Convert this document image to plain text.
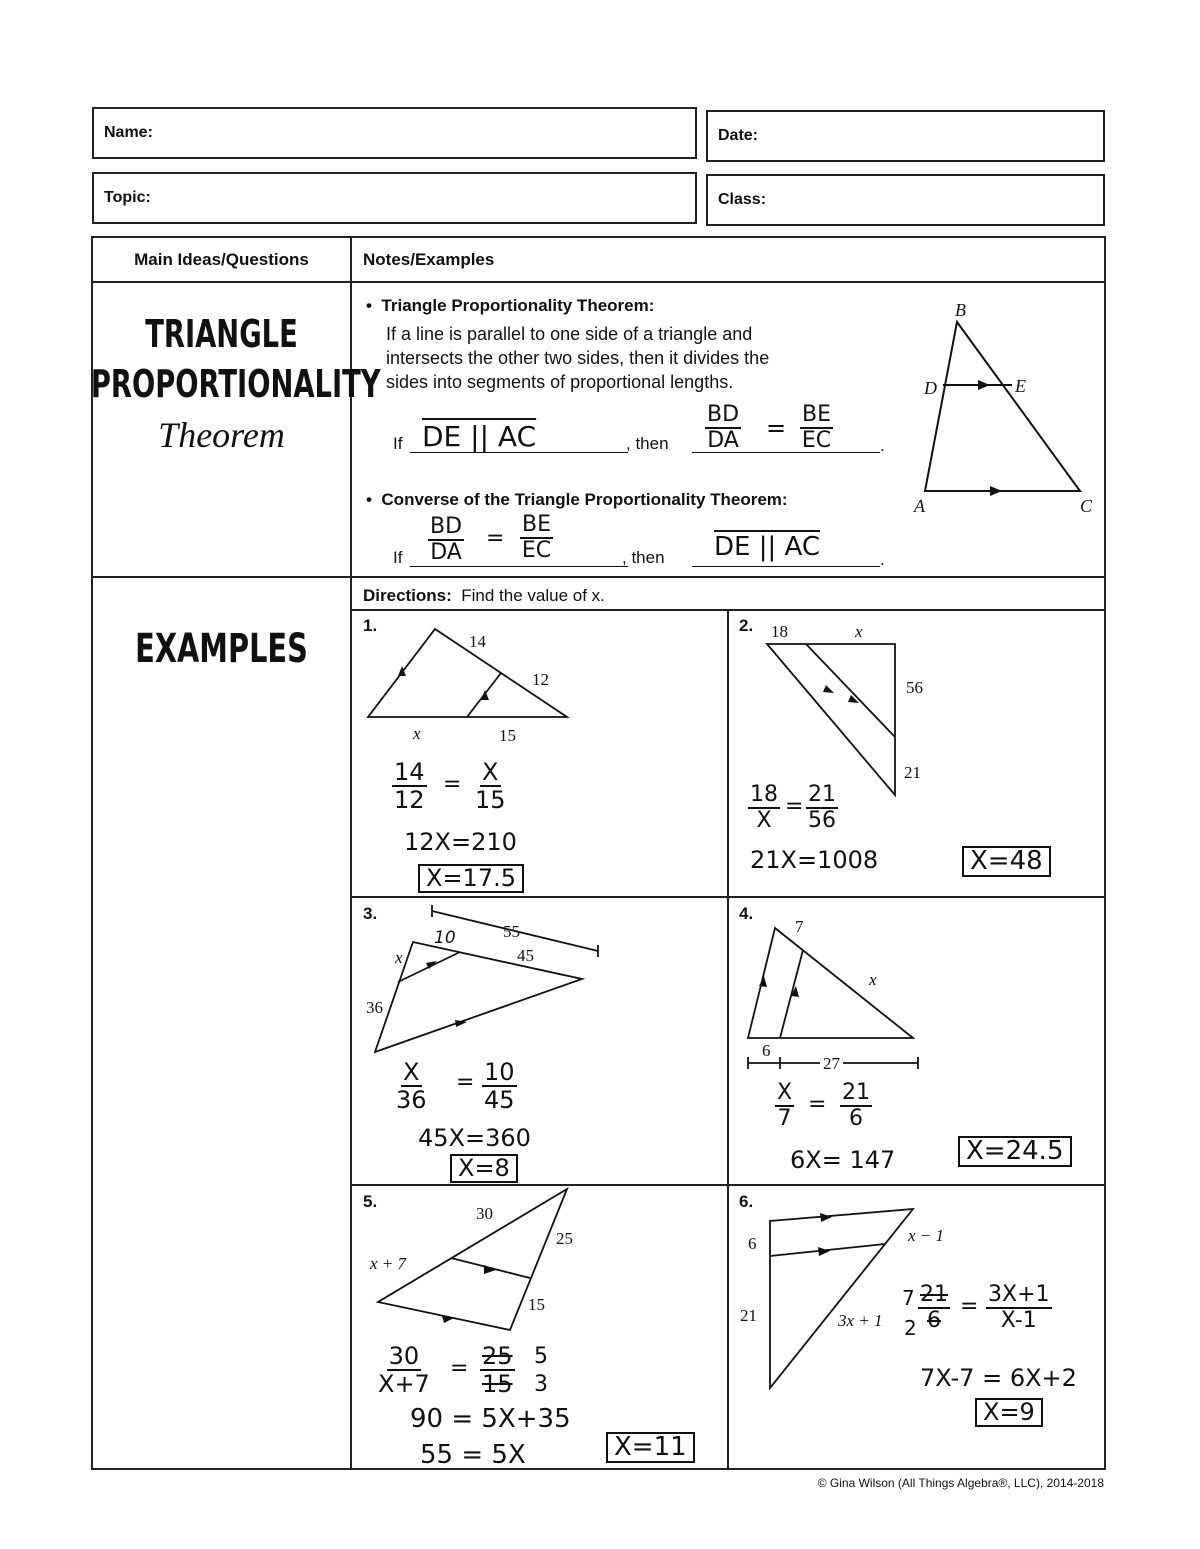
Name:	Date:
Topic:	Class:
Main Ideas/Questions	Notes/Examples
TRIANGLE
PROPORTIONALITY
Theorem
•  Triangle Proportionality Theorem:
If a line is parallel to one side of a triangle and
intersects the other two sides, then it divides the
sides into segments of proportional lengths.
If DE || AC	, then $\frac{BD}{DA} = \frac{BE}{EC}$	.
•  Converse of the Triangle Proportionality Theorem:
If $\frac{BD}{DA} = \frac{BE}{EC}$	, then DE || AC	.
B
D	E
A	C
EXAMPLES
Directions: Find the value of x.
1.
14
12
x	15
$\frac{14}{12} = \frac{X}{15}$
12X=210
X=17.5
2. 18	x
56
21
$\frac{18}{X} = \frac{21}{56}$
21X=1008	X=48
3.
55
10
x	45
36
$\frac{X}{36} = \frac{10}{45}$
45X=360
X=8
4.
7
x
6
27
$\frac{X}{7} = \frac{21}{6}$
6X= 147	X=24.5
5.
30
25
x + 7
15
$\frac{30}{X+7} = \frac{25}{15} 5$
3
90 = 5X+35
55 = 5X	X=11
6.
6	x − 1
21	3x + 1
7
$2 \frac{21}{6} = \frac{3X+1}{X-1}$
7X-7 = 6X+2
X=9
© Gina Wilson (All Things Algebra®, LLC), 2014-2018
